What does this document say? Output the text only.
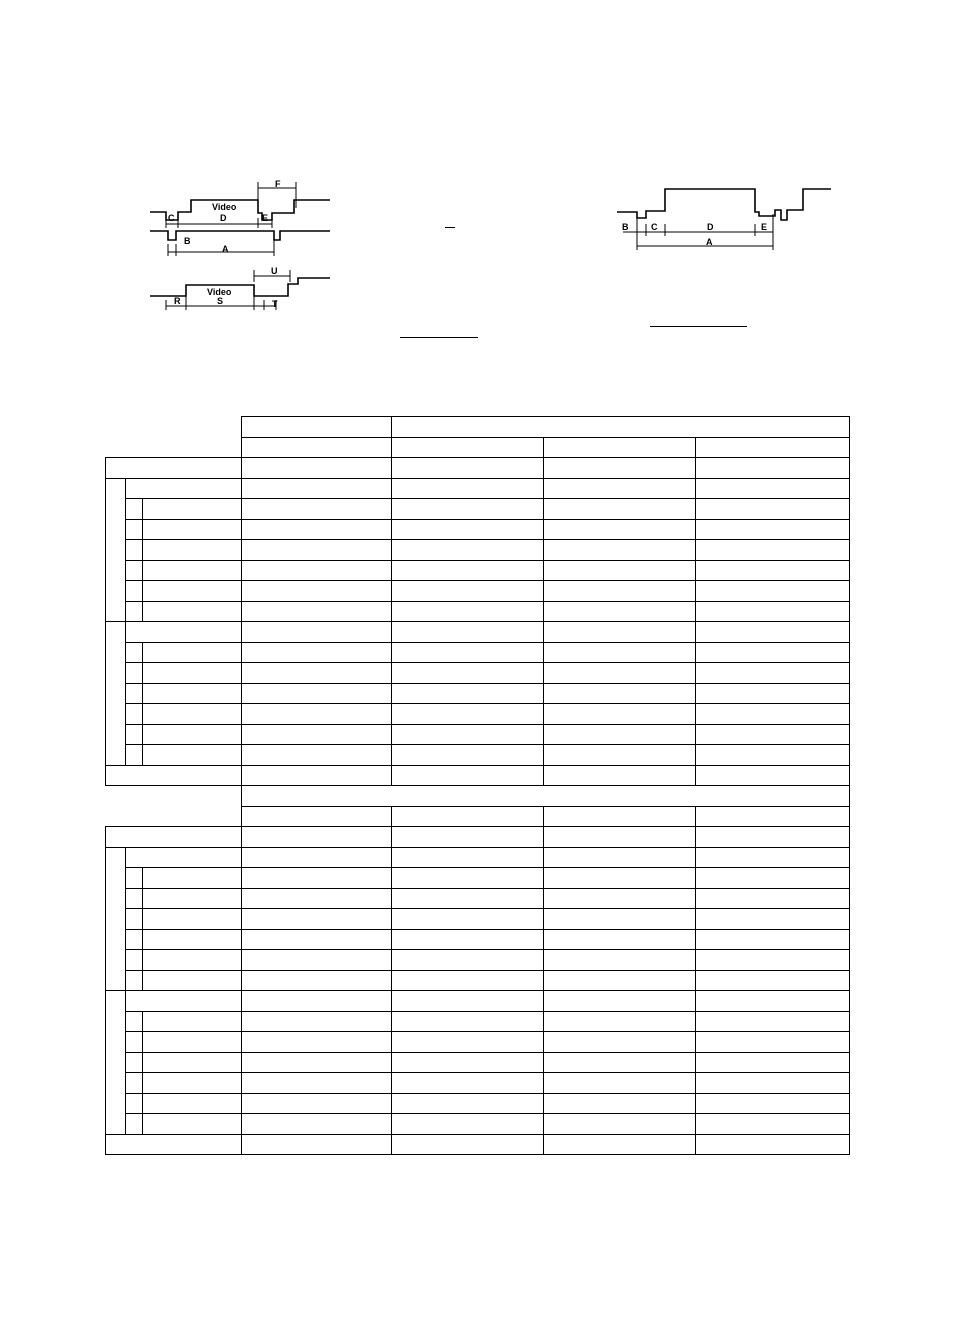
F
C
Video
D	E
B
A
U
R
Video
S	T
B	C	D	E
A
